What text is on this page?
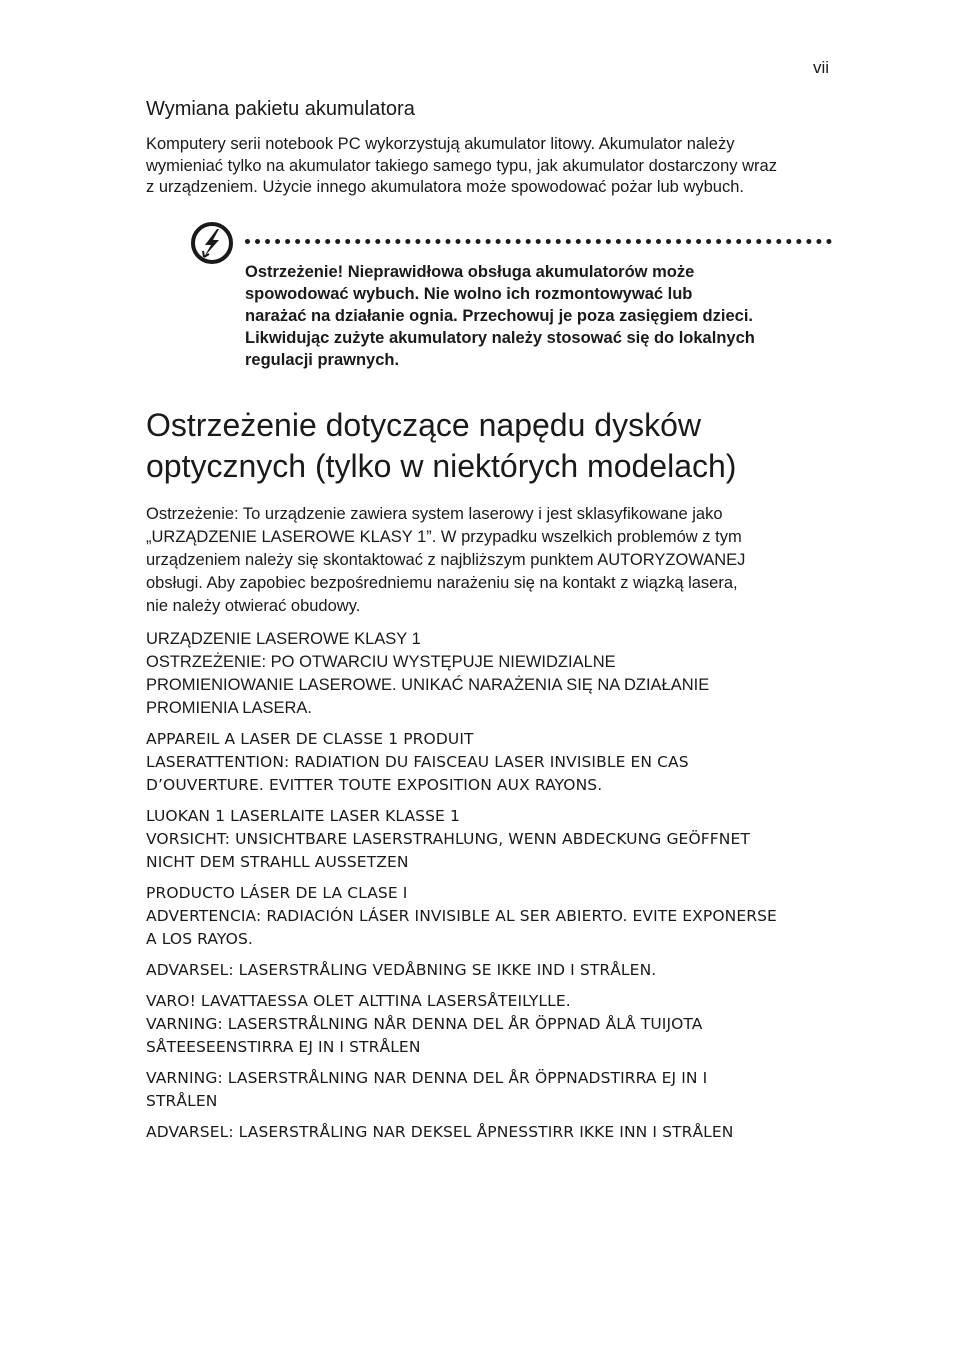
vii
Wymiana pakietu akumulatora

Komputery serii notebook PC wykorzystują akumulator litowy. Akumulator należy
wymieniać tylko na akumulator takiego samego typu, jak akumulator dostarczony wraz
z urządzeniem. Użycie innego akumulatora może spowodować pożar lub wybuch.

Ostrzeżenie! Nieprawidłowa obsługa akumulatorów może
spowodować wybuch. Nie wolno ich rozmontowywać lub
narażać na działanie ognia. Przechowuj je poza zasięgiem dzieci.
Likwidując zużyte akumulatory należy stosować się do lokalnych
regulacji prawnych.
Ostrzeżenie dotyczące napędu dysków
optycznych (tylko w niektórych modelach)

Ostrzeżenie: To urządzenie zawiera system laserowy i jest sklasyfikowane jako
„URZĄDZENIE LASEROWE KLASY 1”. W przypadku wszelkich problemów z tym
urządzeniem należy się skontaktować z najbliższym punktem AUTORYZOWANEJ
obsługi. Aby zapobiec bezpośredniemu narażeniu się na kontakt z wiązką lasera,
nie należy otwierać obudowy.

URZĄDZENIE LASEROWE KLASY 1
OSTRZEŻENIE: PO OTWARCIU WYSTĘPUJE NIEWIDZIALNE
PROMIENIOWANIE LASEROWE. UNIKAĆ NARAŻENIA SIĘ NA DZIAŁANIE
PROMIENIA LASERA.
APPAREIL A LASER DE CLASSE 1 PRODUIT
LASERATTENTION: RADIATION DU FAISCEAU LASER INVISIBLE EN CAS
D’OUVERTURE. EVITTER TOUTE EXPOSITION AUX RAYONS.
LUOKAN 1 LASERLAITE LASER KLASSE 1
VORSICHT: UNSICHTBARE LASERSTRAHLUNG, WENN ABDECKUNG GEÖFFNET
NICHT DEM STRAHLL AUSSETZEN
PRODUCTO LÁSER DE LA CLASE I
ADVERTENCIA: RADIACIÓN LÁSER INVISIBLE AL SER ABIERTO. EVITE EXPONERSE
A LOS RAYOS.
ADVARSEL: LASERSTRÅLING VEDÅBNING SE IKKE IND I STRÅLEN.
VARO! LAVATTAESSA OLET ALTTINA LASERSÅTEILYLLE.
VARNING: LASERSTRÅLNING NÅR DENNA DEL ÅR ÖPPNAD ÅLÅ TUIJOTA
SÅTEESEENSTIRRA EJ IN I STRÅLEN
VARNING: LASERSTRÅLNING NAR DENNA DEL ÅR ÖPPNADSTIRRA EJ IN I
STRÅLEN
ADVARSEL: LASERSTRÅLING NAR DEKSEL ÅPNESSTIRR IKKE INN I STRÅLEN
